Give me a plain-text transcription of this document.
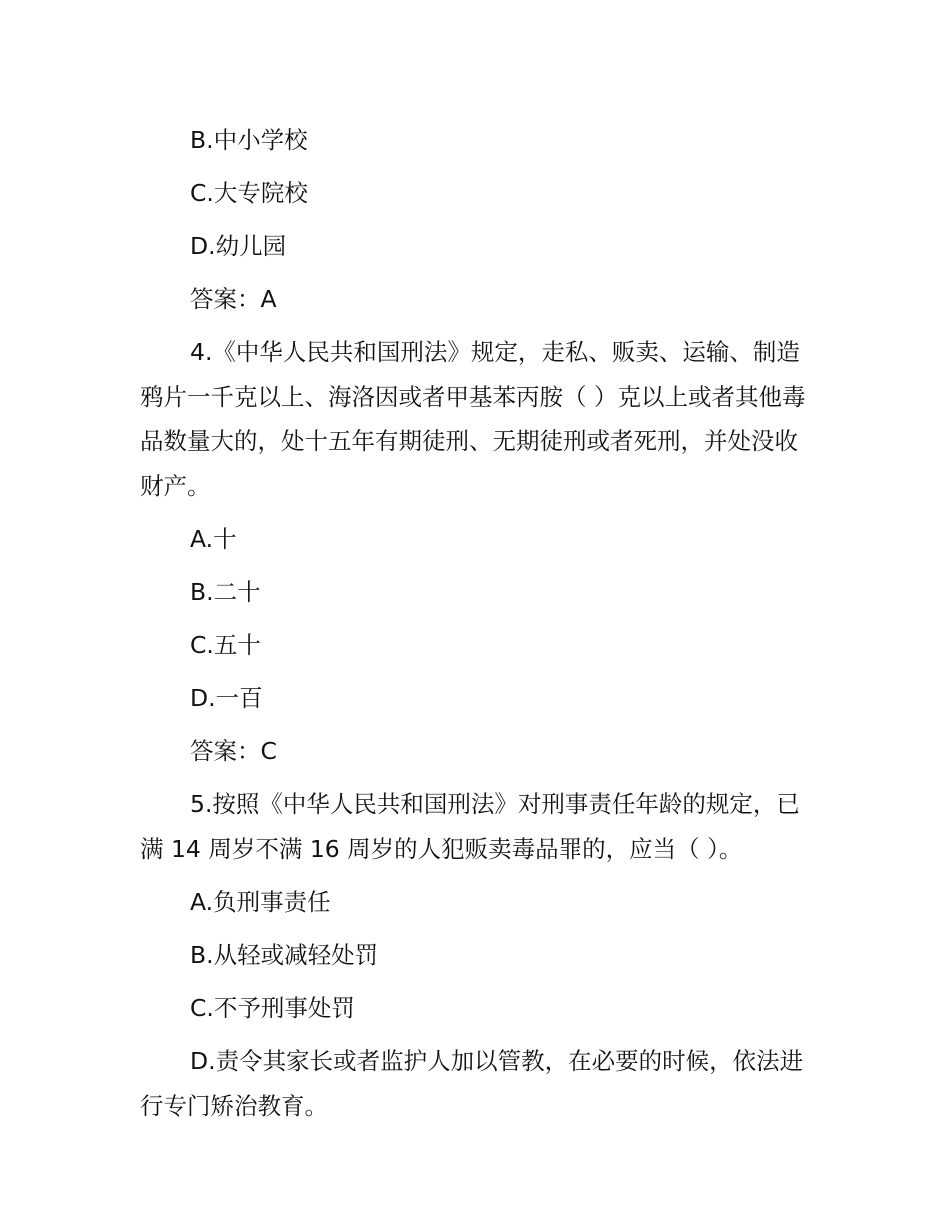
B.中小学校

C.大专院校

D.幼儿园

答案：A

4.《中华人民共和国刑法》规定，走私、贩卖、运输、制造鸦片一千克以上、海洛因或者甲基苯丙胺（ ）克以上或者其他毒品数量大的，处十五年有期徒刑、无期徒刑或者死刑，并处没收财产。

A.十

B.二十

C.五十

D.一百

答案：C

5.按照《中华人民共和国刑法》对刑事责任年龄的规定，已满 14 周岁不满 16 周岁的人犯贩卖毒品罪的，应当（ ）。

A.负刑事责任

B.从轻或减轻处罚

C.不予刑事处罚

D.责令其家长或者监护人加以管教，在必要的时候，依法进行专门矫治教育。
